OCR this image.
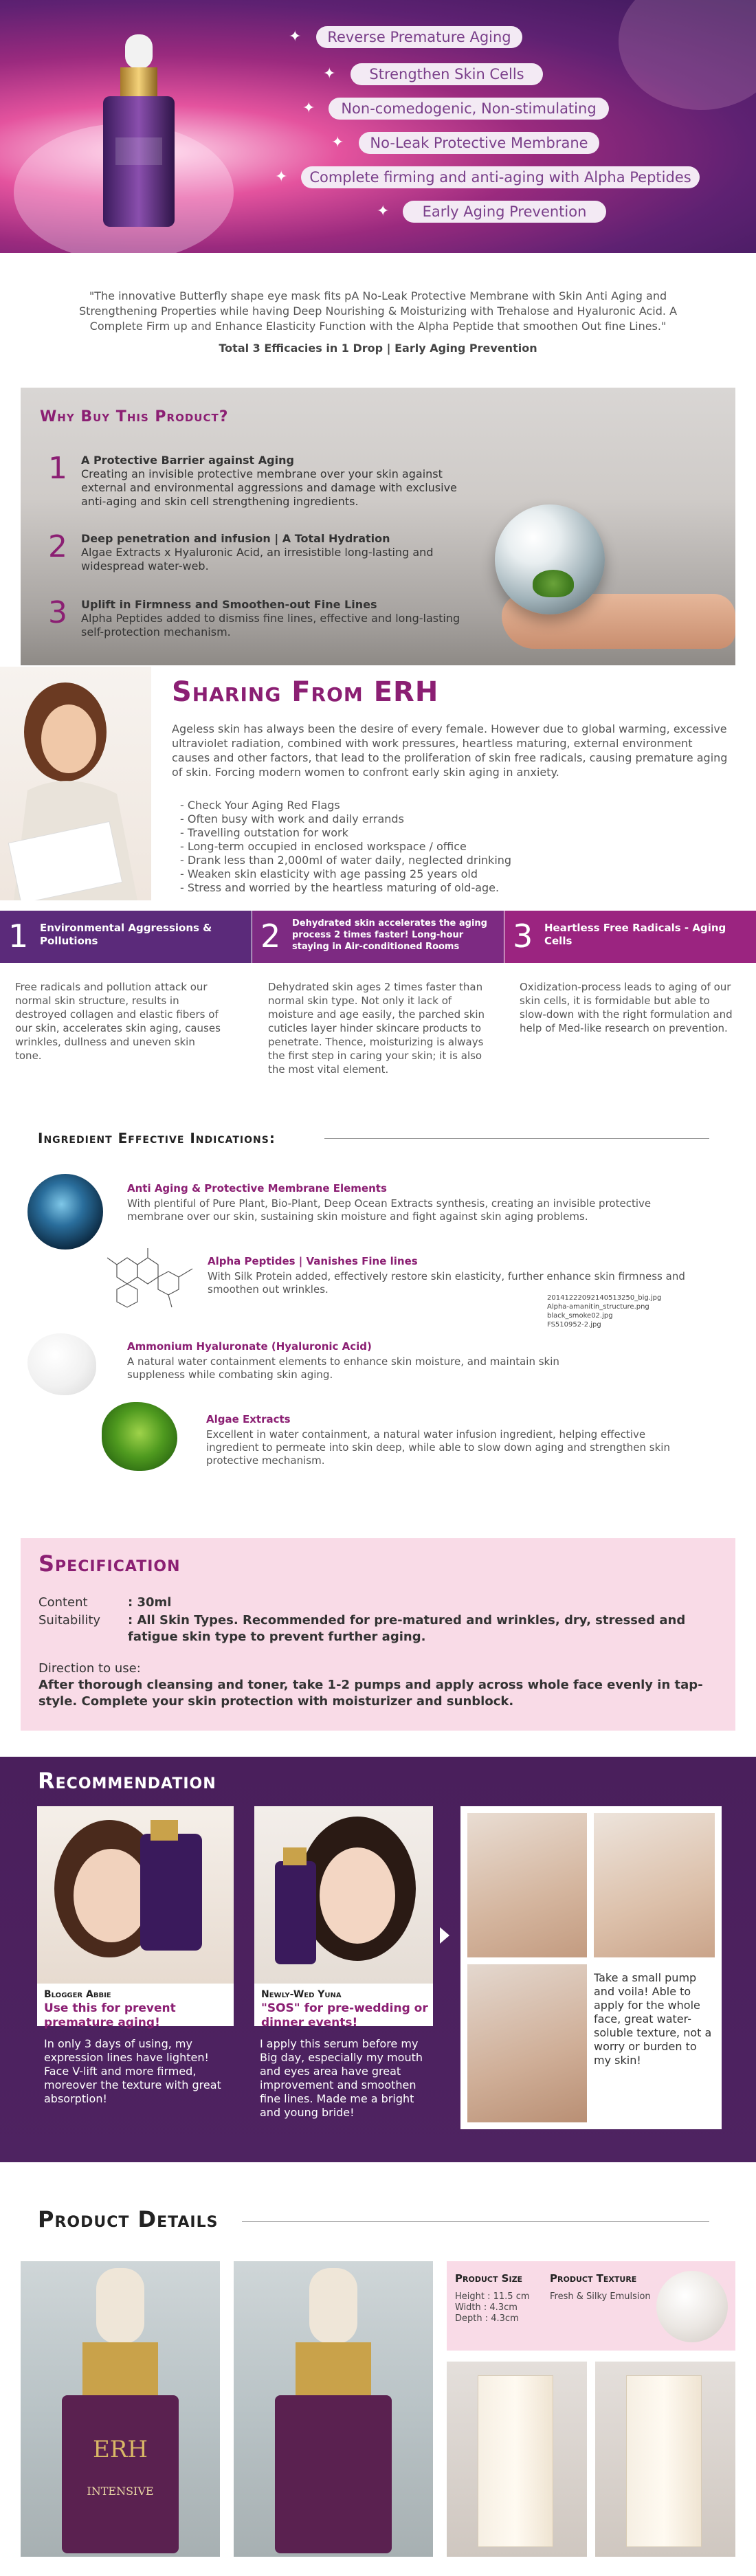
✦	Reverse Premature Aging
✦	Strengthen Skin Cells
✦	Non-comedogenic, Non-stimulating
✦	No-Leak Protective Membrane
✦	Complete firming and anti-aging with Alpha Peptides
✦	Early Aging Prevention

"The innovative Butterfly shape eye mask fits pA No-Leak Protective Membrane with Skin Anti Aging and Strengthening Properties while having Deep Nourishing & Moisturizing with Trehalose and Hyaluronic Acid. A Complete Firm up and Enhance Elasticity Function with the Alpha Peptide that smoothen Out fine Lines."

Total 3 Efficacies in 1 Drop | Early Aging Prevention

Why Buy This Product?
1 A Protective Barrier against Aging
Creating an invisible protective membrane over your skin against external and environmental aggressions and damage with exclusive anti-aging and skin cell strengthening ingredients.
2 Deep penetration and infusion | A Total Hydration
Algae Extracts x Hyaluronic Acid, an irresistible long-lasting and widespread water-web.
3 Uplift in Firmness and Smoothen-out Fine Lines
Alpha Peptides added to dismiss fine lines, effective and long-lasting self-protection mechanism.
Sharing From ERH

Ageless skin has always been the desire of every female. However due to global warming, excessive ultraviolet radiation, combined with work pressures, heartless maturing, external environment causes and other factors, that lead to the proliferation of skin free radicals, causing premature aging of skin. Forcing modern women to confront early skin aging in anxiety.

- Check Your Aging Red Flags
- Often busy with work and daily errands
- Travelling outstation for work
- Long-term occupied in enclosed workspace / office
- Drank less than 2,000ml of water daily, neglected drinking
- Weaken skin elasticity with age passing 25 years old
- Stress and worried by the heartless maturing of old-age.
1 Environmental Aggressions & Pollutions	2 Dehydrated skin accelerates the aging process 2 times faster! Long-hour staying in Air-conditioned Rooms	3 Heartless Free Radicals - Aging Cells

Free radicals and pollution attack our normal skin structure, results in destroyed collagen and elastic fibers of our skin, accelerates skin aging, causes wrinkles, dullness and uneven skin tone.

Dehydrated skin ages 2 times faster than normal skin type. Not only it lack of moisture and age easily, the parched skin cuticles layer hinder skincare products to penetrate. Thence, moisturizing is always the first step in caring your skin; it is also the most vital element.

Oxidization-process leads to aging of our skin cells, it is formidable but able to slow-down with the right formulation and help of Med-like research on prevention.

Ingredient Effective Indications:
Anti Aging & Protective Membrane Elements
With plentiful of Pure Plant, Bio-Plant, Deep Ocean Extracts synthesis, creating an invisible protective membrane over our skin, sustaining skin moisture and fight against skin aging problems.
Alpha Peptides | Vanishes Fine lines
With Silk Protein added, effectively restore skin elasticity, further enhance skin firmness and smoothen out wrinkles.
20141222092140513250_big.jpg
Alpha-amanitin_structure.png
black_smoke02.jpg
FS510952-2.jpg
Ammonium Hyaluronate (Hyaluronic Acid)
A natural water containment elements to enhance skin moisture, and maintain skin suppleness while combating skin aging.
Algae Extracts
Excellent in water containment, a natural water infusion ingredient, helping effective ingredient to permeate into skin deep, while able to slow down aging and strengthen skin protective mechanism.
Specification
Content	: 30ml
Suitability : All Skin Types. Recommended for pre-matured and wrinkles, dry, stressed and fatigue skin type to prevent further aging.
Direction to use:
After thorough cleansing and toner, take 1-2 pumps and apply across whole face evenly in tap-style. Complete your skin protection with moisturizer and sunblock.
Recommendation
Blogger Abbie
Use this for prevent premature aging!

In only 3 days of using, my expression lines have lighten! Face V-lift and more firmed, moreover the texture with great absorption!

Newly-Wed Yuna
"SOS" for pre-wedding or dinner events!

I apply this serum before my Big day, especially my mouth and eyes area have great improvement and smoothen fine lines. Made me a bright and young bride!

Take a small pump and voila! Able to apply for the whole face, great water-soluble texture, not a worry or burden to my skin!

Product Details
ERH
INTENSIVE
Product Size
Height : 11.5 cm
Width : 4.3cm
Depth : 4.3cm
Product Texture
Fresh & Silky Emulsion
